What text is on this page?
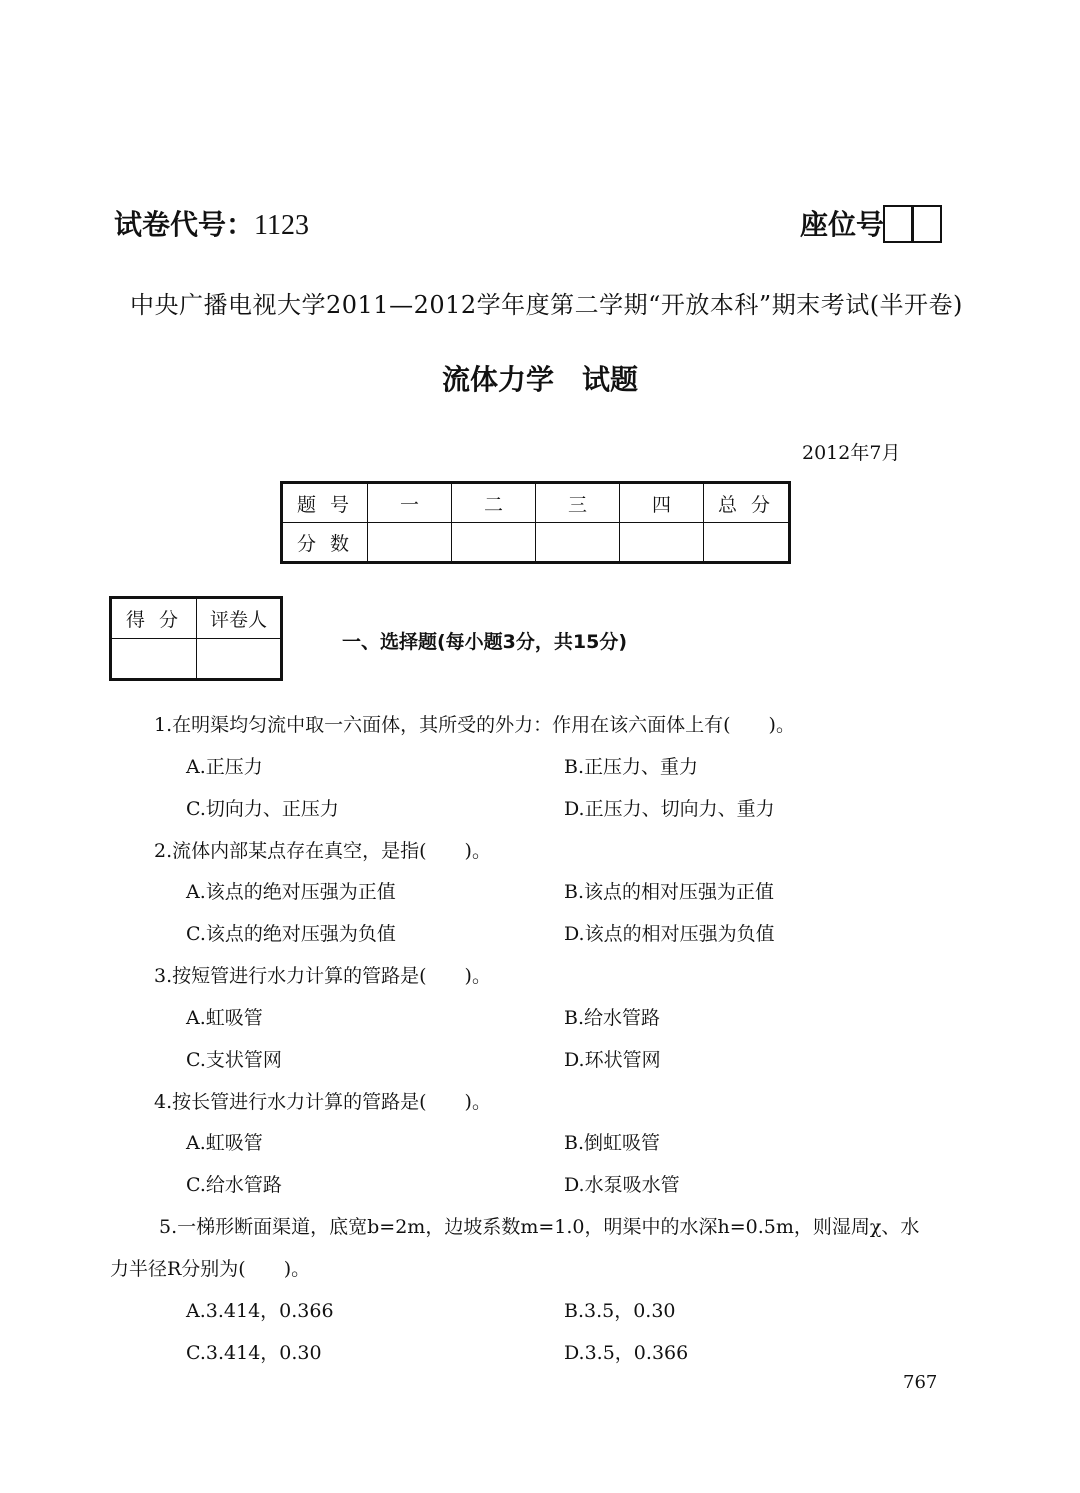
试卷代号：1123	座位号
中央广播电视大学2011—2012学年度第二学期“开放本科”期末考试(半开卷)
流体力学 试题
2012年7月
题号	一	二	三	四	总分
分数					
得分	评卷人

一、选择题(每小题3分，共15分)
1.在明渠均匀流中取一六面体，其所受的外力：作用在该六面体上有(　　)。
A.正压力	B.正压力、重力
C.切向力、正压力	D.正压力、切向力、重力
2.流体内部某点存在真空，是指(　　)。
A.该点的绝对压强为正值	B.该点的相对压强为正值
C.该点的绝对压强为负值	D.该点的相对压强为负值
3.按短管进行水力计算的管路是(　　)。
A.虹吸管	B.给水管路
C.支状管网	D.环状管网
4.按长管进行水力计算的管路是(　　)。
A.虹吸管	B.倒虹吸管
C.给水管路	D.水泵吸水管
5.一梯形断面渠道，底宽b=2m，边坡系数m=1.0，明渠中的水深h=0.5m，则湿周χ、水
力半径R分别为(　　)。
A.3.414，0.366	B.3.5，0.30
C.3.414，0.30	D.3.5，0.366
767
